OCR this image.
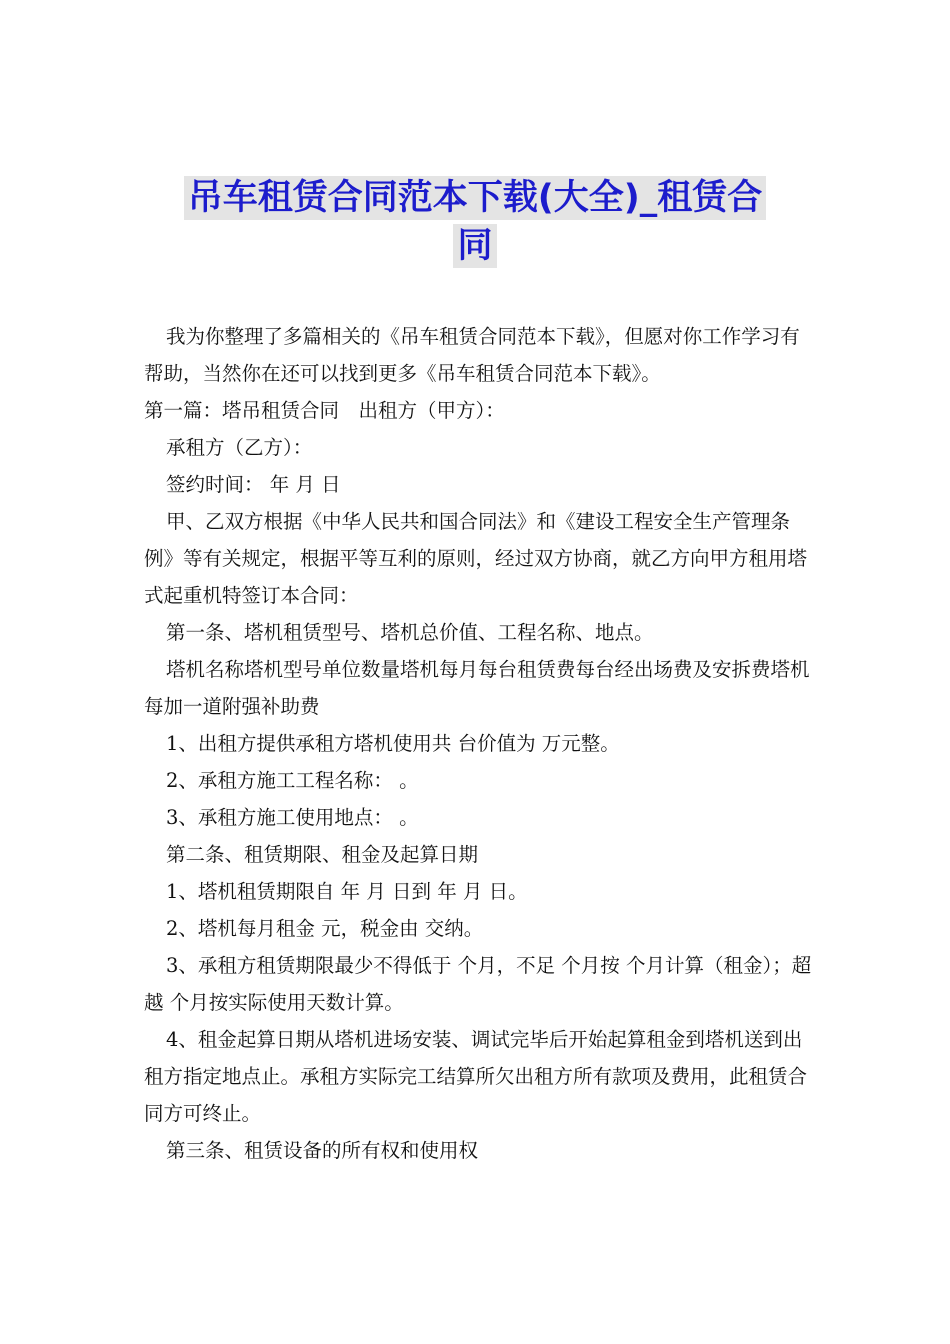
吊车租赁合同范本下载(大全)_租赁合
同

我为你整理了多篇相关的《吊车租赁合同范本下载》，但愿对你工作学习有帮助，当然你在还可以找到更多《吊车租赁合同范本下载》。

第一篇：塔吊租赁合同　出租方（甲方）：

承租方（乙方）：

签约时间： 年 月 日

甲、乙双方根据《中华人民共和国合同法》和《建设工程安全生产管理条例》等有关规定，根据平等互利的原则，经过双方协商，就乙方向甲方租用塔式起重机特签订本合同：

第一条、塔机租赁型号、塔机总价值、工程名称、地点。

塔机名称塔机型号单位数量塔机每月每台租赁费每台经出场费及安拆费塔机每加一道附强补助费

1、出租方提供承租方塔机使用共 台价值为 万元整。

2、承租方施工工程名称： 。

3、承租方施工使用地点： 。

第二条、租赁期限、租金及起算日期

1、塔机租赁期限自 年 月 日到 年 月 日。

2、塔机每月租金 元，税金由 交纳。

3、承租方租赁期限最少不得低于 个月，不足 个月按 个月计算（租金）；超越 个月按实际使用天数计算。

4、租金起算日期从塔机进场安装、调试完毕后开始起算租金到塔机送到出租方指定地点止。承租方实际完工结算所欠出租方所有款项及费用，此租赁合同方可终止。

第三条、租赁设备的所有权和使用权
